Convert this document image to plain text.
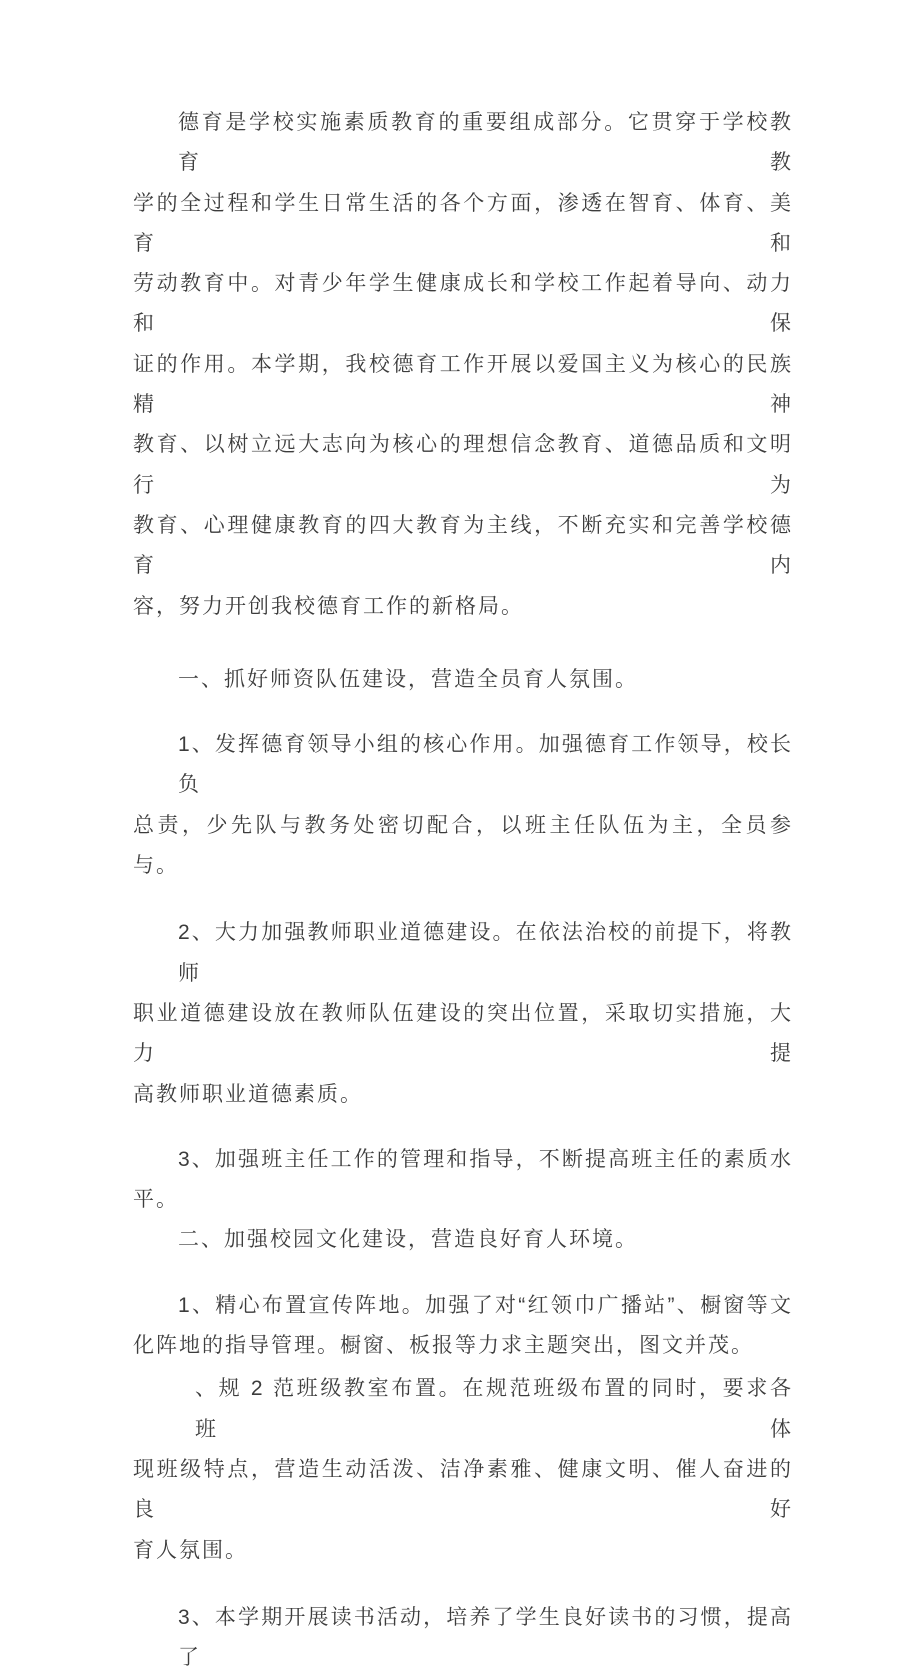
德育是学校实施素质教育的重要组成部分。它贯穿于学校教育教
学的全过程和学生日常生活的各个方面，渗透在智育、体育、美育和
劳动教育中。对青少年学生健康成长和学校工作起着导向、动力和保
证的作用。本学期，我校德育工作开展以爱国主义为核心的民族精神
教育、以树立远大志向为核心的理想信念教育、道德品质和文明行为
教育、心理健康教育的四大教育为主线，不断充实和完善学校德育内
容，努力开创我校德育工作的新格局。

一、抓好师资队伍建设，营造全员育人氛围。

1、发挥德育领导小组的核心作用。加强德育工作领导，校长负
总责，少先队与教务处密切配合，以班主任队伍为主，全员参与。

2、大力加强教师职业道德建设。在依法治校的前提下，将教师
职业道德建设放在教师队伍建设的突出位置，采取切实措施，大力提
高教师职业道德素质。

3、加强班主任工作的管理和指导，不断提高班主任的素质水
平。

二、加强校园文化建设，营造良好育人环境。

1、精心布置宣传阵地。加强了对“红领巾广播站”、橱窗等文
化阵地的指导管理。橱窗、板报等力求主题突出，图文并茂。

、规 2 范班级教室布置。在规范班级布置的同时，要求各班体
现班级特点，营造生动活泼、洁净素雅、健康文明、催人奋进的良好
育人氛围。

3、本学期开展读书活动，培养了学生良好读书的习惯，提高了
